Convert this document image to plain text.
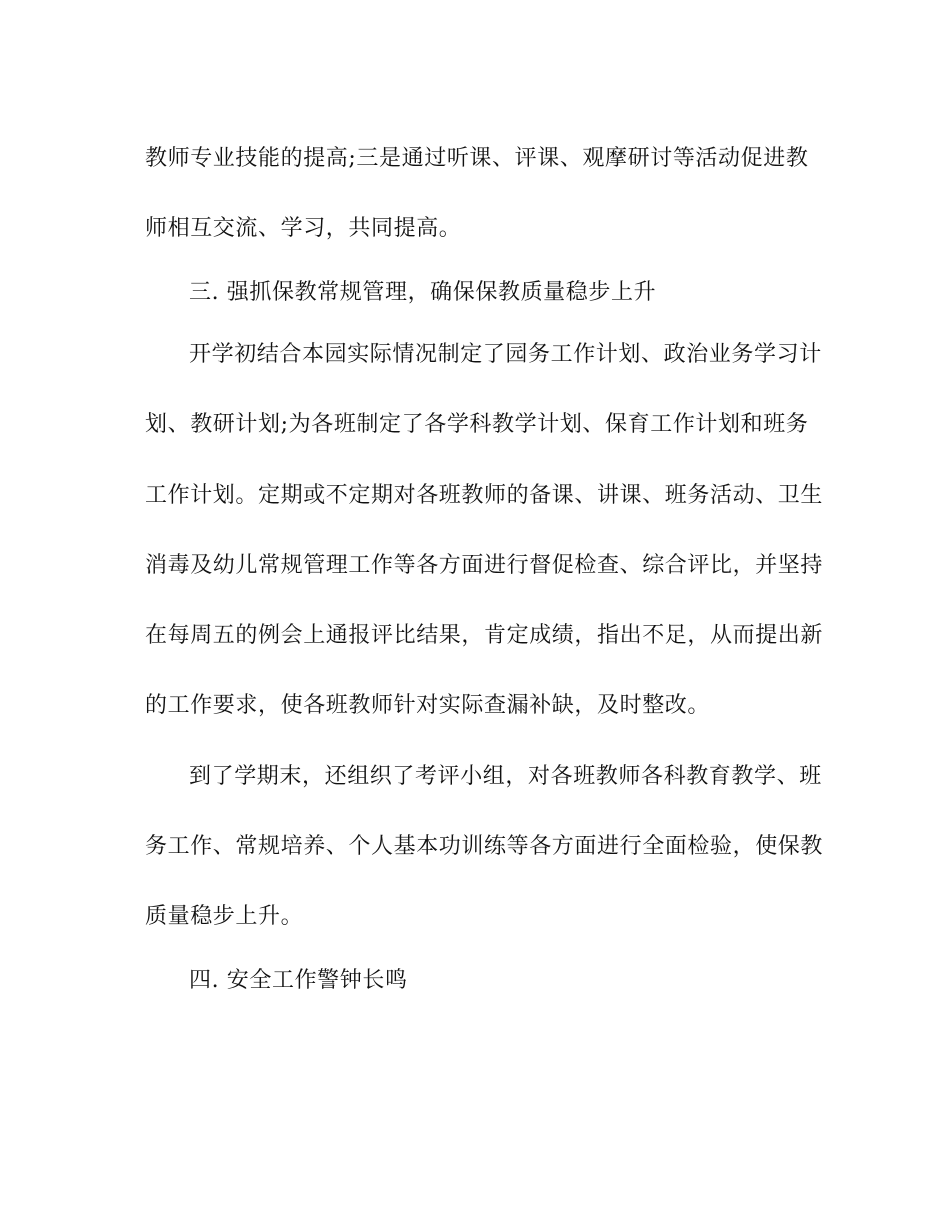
教师专业技能的提高;三是通过听课、评课、观摩研讨等活动促进教
师相互交流、学习，共同提高。
三. 强抓保教常规管理，确保保教质量稳步上升
开学初结合本园实际情况制定了园务工作计划、政治业务学习计
划、教研计划;为各班制定了各学科教学计划、保育工作计划和班务
工作计划。定期或不定期对各班教师的备课、讲课、班务活动、卫生
消毒及幼儿常规管理工作等各方面进行督促检查、综合评比，并坚持
在每周五的例会上通报评比结果，肯定成绩，指出不足，从而提出新
的工作要求，使各班教师针对实际查漏补缺，及时整改。
到了学期末，还组织了考评小组，对各班教师各科教育教学、班
务工作、常规培养、个人基本功训练等各方面进行全面检验，使保教
质量稳步上升。
四. 安全工作警钟长鸣
